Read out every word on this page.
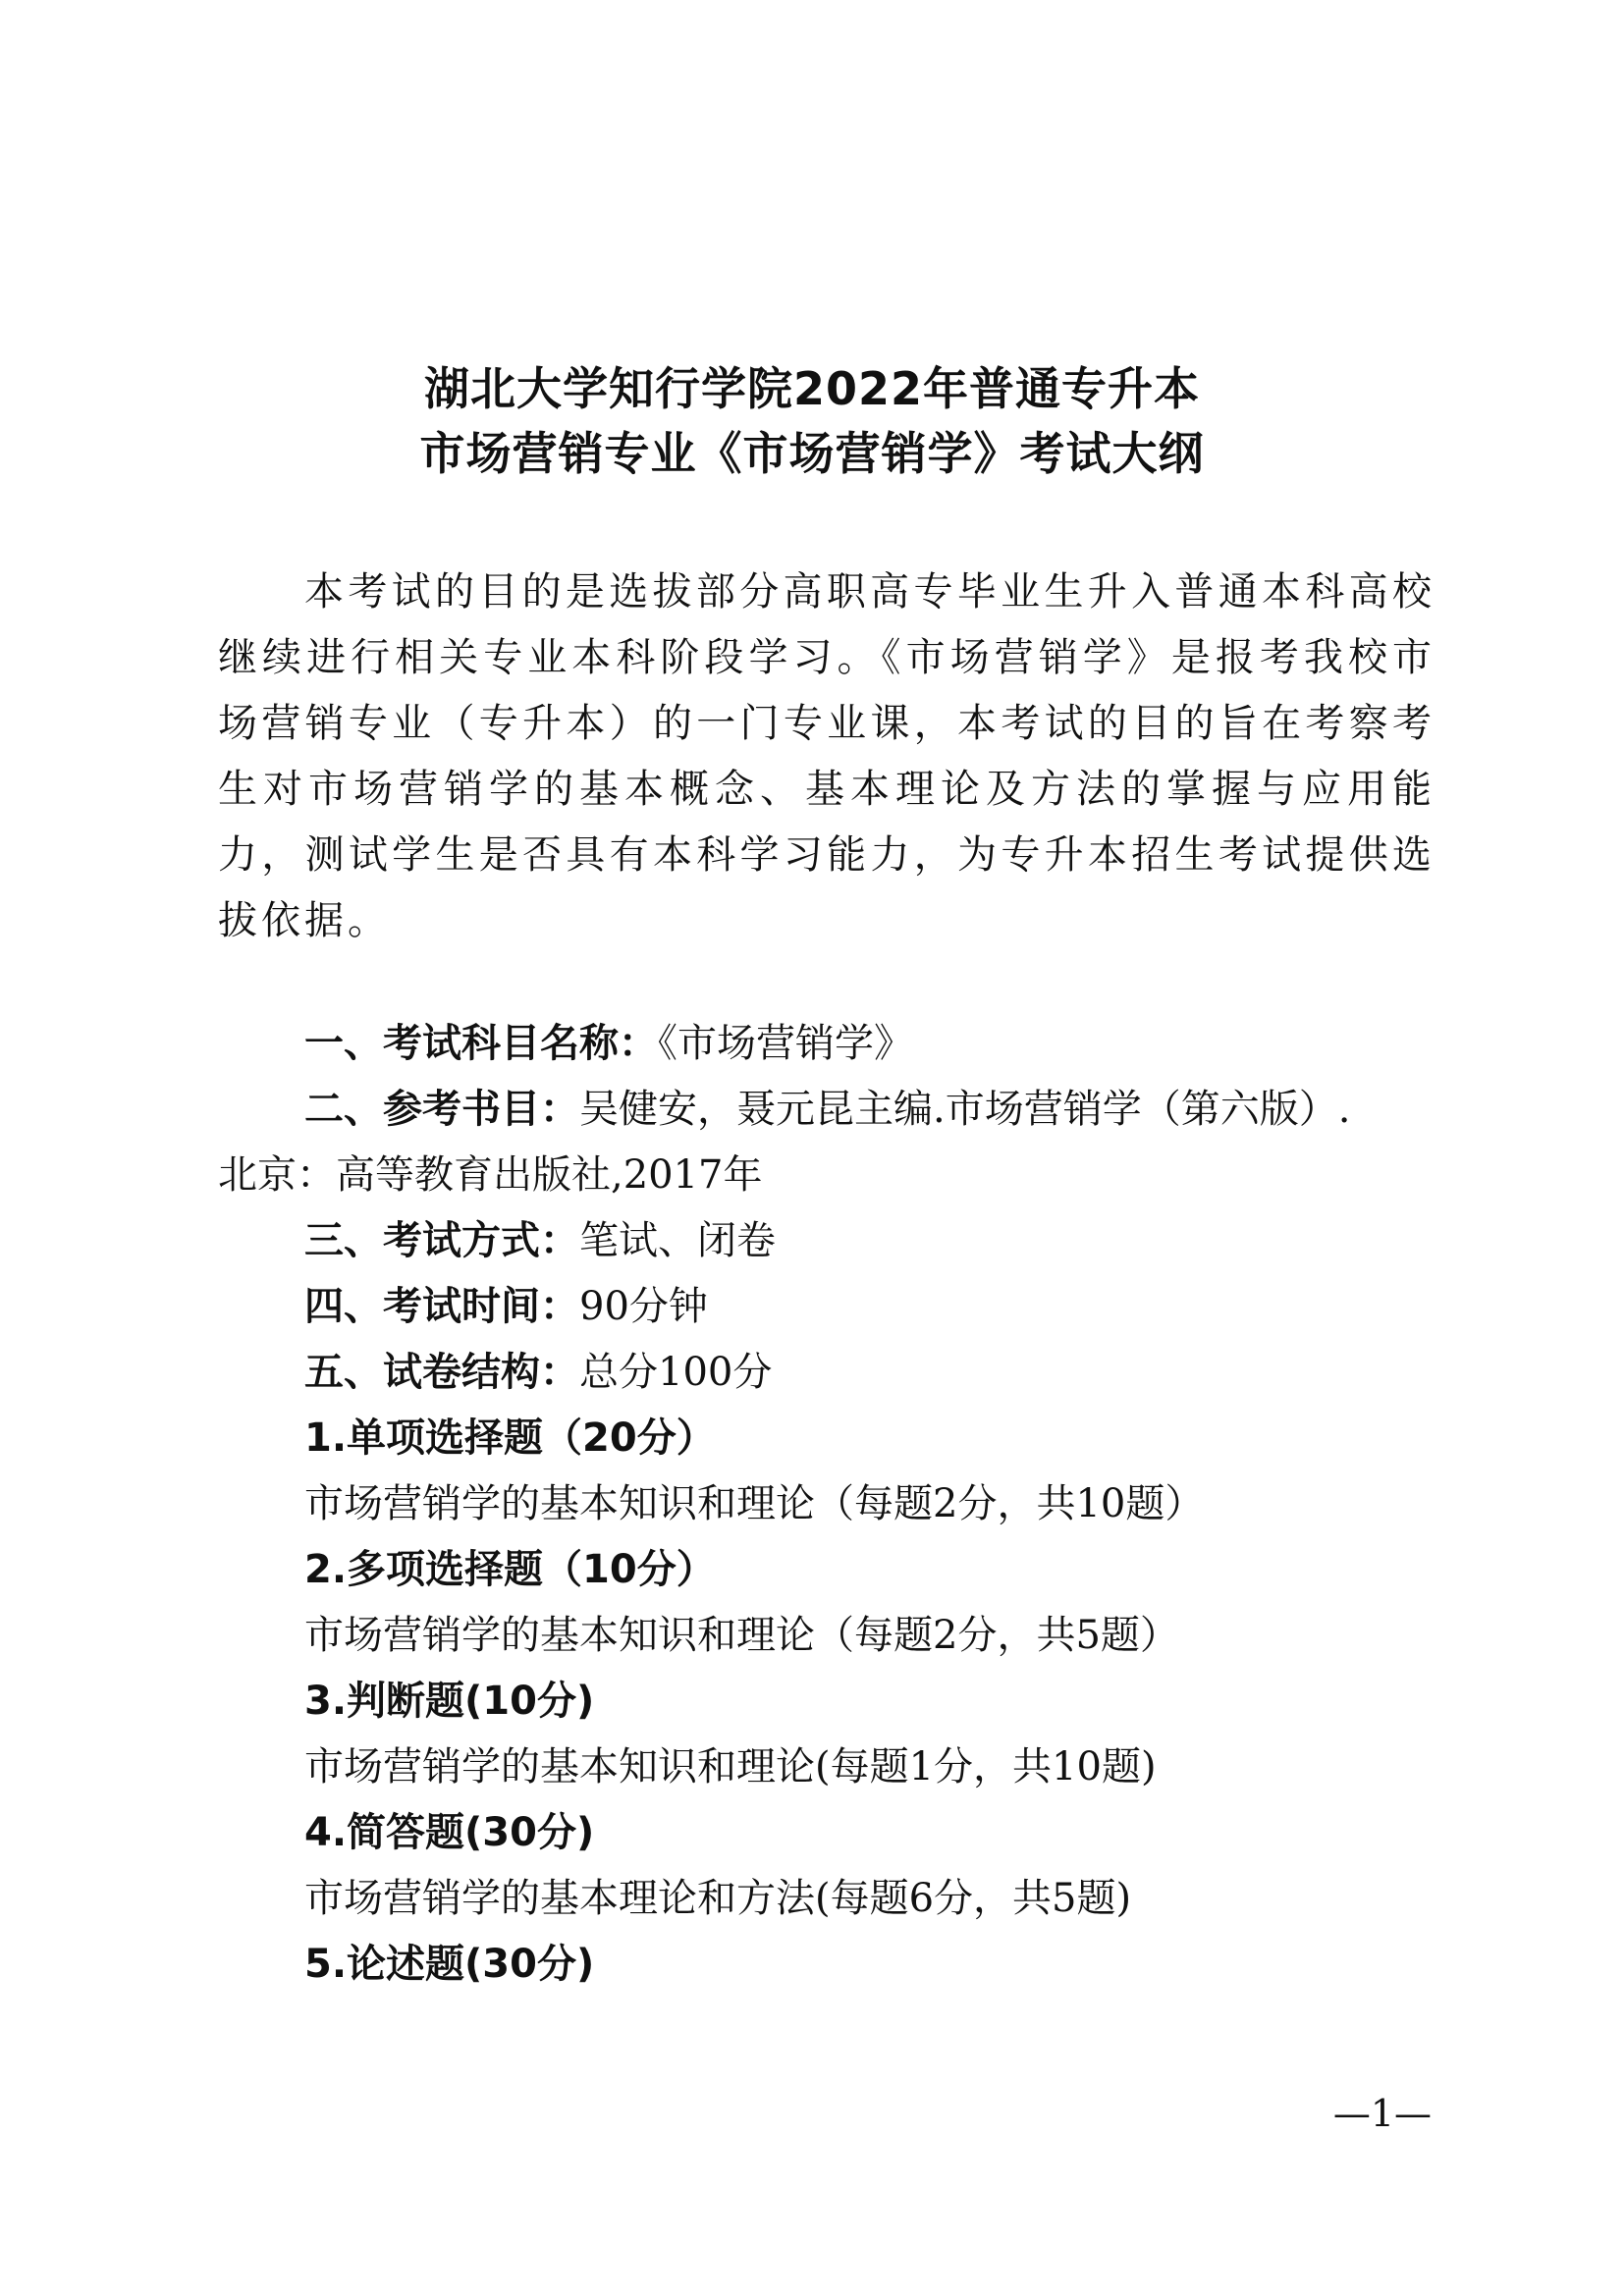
湖北大学知行学院2022年普通专升本
市场营销专业《市场营销学》考试大纲
本考试的目的是选拔部分高职高专毕业生升入普通本科高校继续进行相关专业本科阶段学习。《市场营销学》是报考我校市场营销专业（专升本）的一门专业课，本考试的目的旨在考察考生对市场营销学的基本概念、基本理论及方法的掌握与应用能力，测试学生是否具有本科学习能力，为专升本招生考试提供选拔依据。
一、考试科目名称：《市场营销学》
二、参考书目：吴健安，聂元昆主编.市场营销学（第六版）.
北京：高等教育出版社,2017年
三、考试方式：笔试、闭卷
四、考试时间：90分钟
五、试卷结构：总分100分
1.单项选择题（20分）
市场营销学的基本知识和理论（每题2分，共10题）
2.多项选择题（10分）
市场营销学的基本知识和理论（每题2分，共5题）
3.判断题(10分)
市场营销学的基本知识和理论(每题1分，共10题)
4.简答题(30分)
市场营销学的基本理论和方法(每题6分，共5题)
5.论述题(30分)
—1—
